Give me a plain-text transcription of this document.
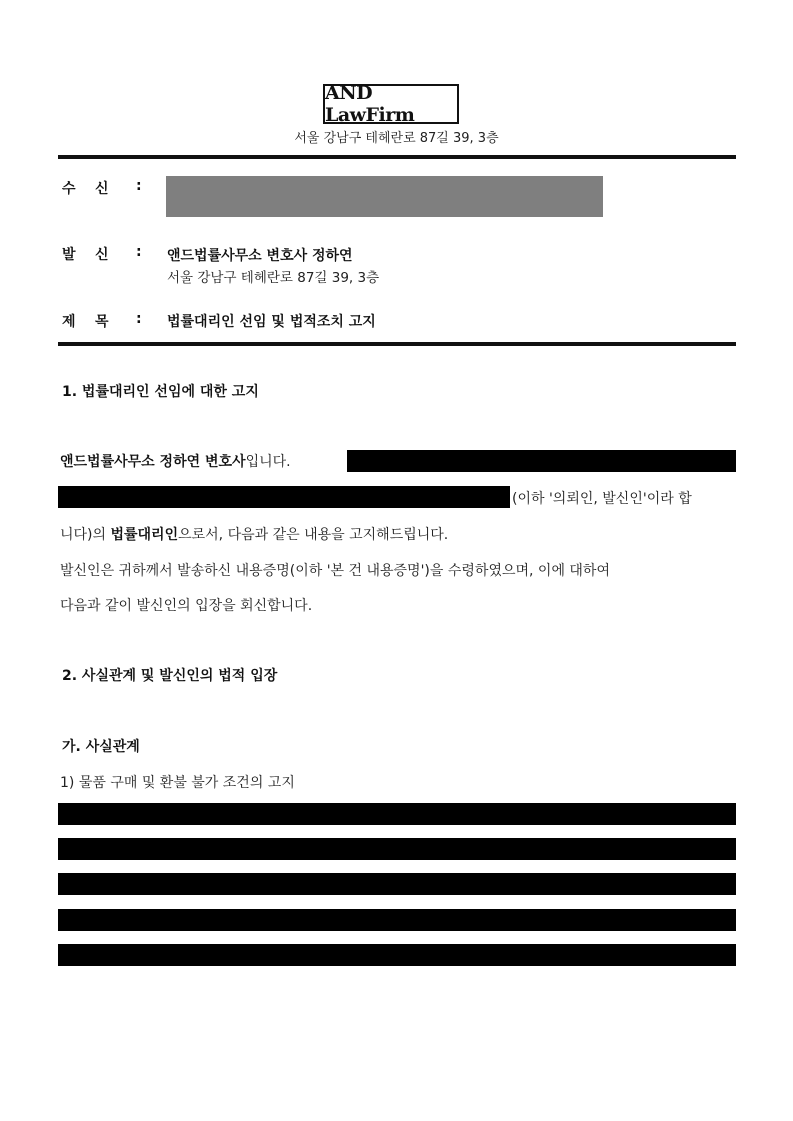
AND LawFirm
서울 강남구 테헤란로 87길 39, 3층
수    신 :
발    신 : 앤드법률사무소 변호사 정하연
서울 강남구 테헤란로 87길 39, 3층
제    목 : 법률대리인 선임 및 법적조치 고지
1. 법률대리인 선임에 대한 고지
앤드법률사무소 정하연 변호사입니다.
(이하 '의뢰인, 발신인'이라 합
니다)의 법률대리인으로서, 다음과 같은 내용을 고지해드립니다.
발신인은 귀하께서 발송하신 내용증명(이하 '본 건 내용증명')을 수령하였으며, 이에 대하여
다음과 같이 발신인의 입장을 회신합니다.
2. 사실관계 및 발신인의 법적 입장
가. 사실관계
1) 물품 구매 및 환불 불가 조건의 고지
